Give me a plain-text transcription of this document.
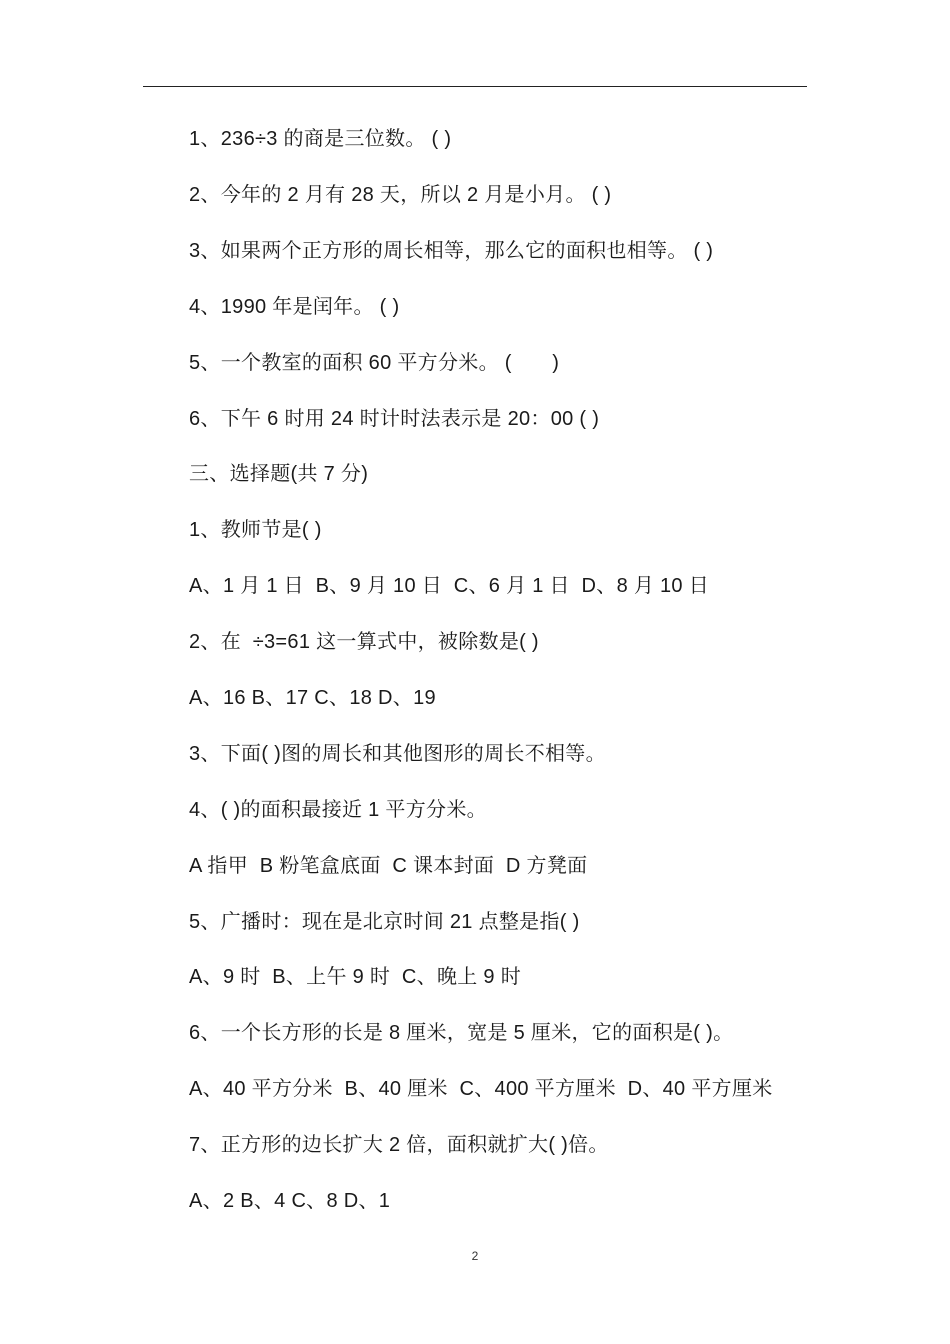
1、236÷3 的商是三位数。 ( )
2、今年的 2 月有 28 天，所以 2 月是小月。 ( )
3、如果两个正方形的周长相等，那么它的面积也相等。 ( )
4、1990 年是闰年。 ( )
5、一个教室的面积 60 平方分米。 (　　)
6、下午 6 时用 24 时计时法表示是 20：00 ( )
三、选择题(共 7 分)
1、教师节是( )
A、1 月 1 日  B、9 月 10 日  C、6 月 1 日  D、8 月 10 日
2、在  ÷3=61 这一算式中，被除数是( )
A、16 B、17 C、18 D、19
3、下面( )图的周长和其他图形的周长不相等。
4、( )的面积最接近 1 平方分米。
A 指甲  B 粉笔盒底面  C 课本封面  D 方凳面
5、广播时：现在是北京时间 21 点整是指( )
A、9 时  B、上午 9 时  C、晚上 9 时
6、一个长方形的长是 8 厘米，宽是 5 厘米，它的面积是( )。
A、40 平方分米  B、40 厘米  C、400 平方厘米  D、40 平方厘米
7、正方形的边长扩大 2 倍，面积就扩大( )倍。
A、2 B、4 C、8 D、1
2
